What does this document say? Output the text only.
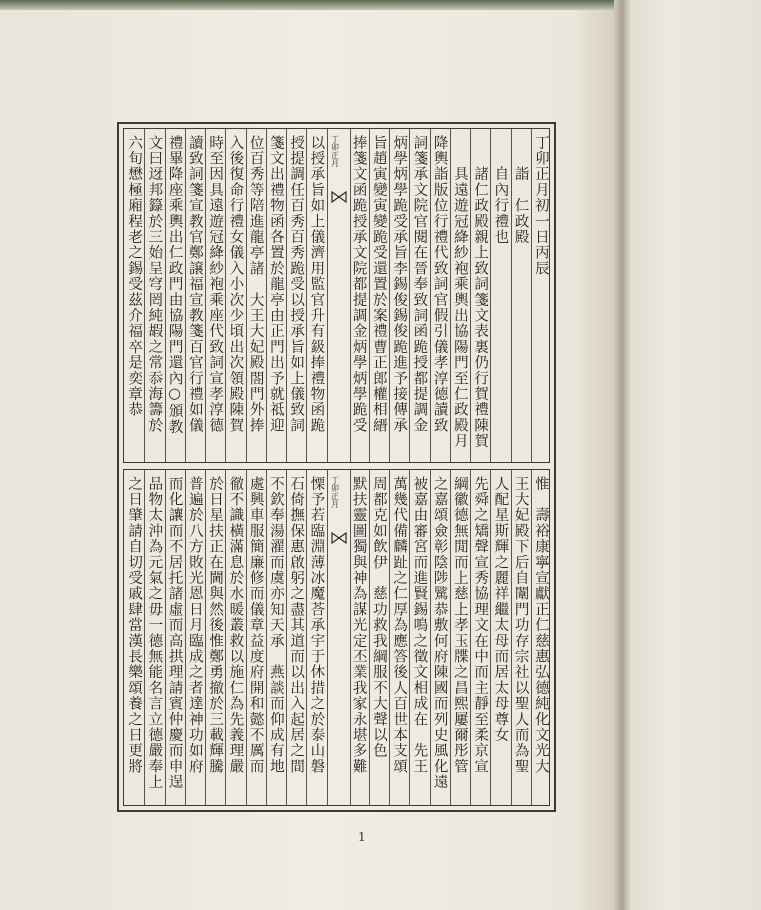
丁卯正月初一日丙辰
　　詣　仁政殿
　　自內行禮也
　　諸仁政殿親上致詞箋文表裏仍行賀禮陳賀
　　具遠遊冠絳紗袍乘輿出協陽門至仁政殿月
降輿詣版位行禮代致詞官假引儀孝淳德讀致
詞箋承文院官閱在晉奉致詞函跪授都提調金
炳學炳學跪受承旨李錫俊錫俊跪進予接傳承
旨趙寅變寅變跪受還置於案禮曹正郎權相縉
捧箋文函跪授承文院都提調金炳學炳學跪受
以授承旨如上儀濟用監官升有鈒捧禮物函跪
授提調任百秀百秀跪受以授承旨如上儀致詞
箋文出禮物函各置於龍亭由正門出予就祗迎
位百秀等陪進龍亭諸　大王大妃殿閤門外捧
入後復命行禮女儀入小次少頃出次領殿陳賀
時至因具遠遊冠絳紗袍乘座代致詞宣孝淳德
讀致詞箋宣教官鄭譲福宣教箋百官行禮如儀
禮畢降座乘輿出仁政門由協陽門還內○頒教
文曰迓邦籙於三始呈穹罔純嘏之常忝海籌於
六旬懋極廂程老之錫受茲介福卒是奕章恭	丁卯正月
惟　壽裕康寧宣獻正仁慈惠弘德純化文光大
王大妃殿下后自闈門功存宗社以聖人而為聖
人配星斯輝之麗祥繼太母而居太母尊女
先舜之矯聲宣秀協理文在中而主靜至柔京宣
綱徽德無閒而上慈上孝玉牒之昌熙屢爾彤管
之嘉頌僉彰陰陟騭恭敷何府陳國而列史風化遠
被嘉由審宮而進賢錫鳴之徵文相成在　先王
萬幾代備麟趾之仁厚為應答後人百世本支頌
周都克如飲伊　慈功救我綱服不大聲以色
默扶靈圖獨與神為謀光定丕業我家永堪多難
慄予若臨淵薄冰魔荅承宇于休措之於泰山磐
石倚撫保惠啟躬之盡其道而以出入起居之間
不欽奉湯濯而虞亦知天承　燕談而仰成有地
處興車服簡廉修而儀章益度府開和懿不厲而
徹不識橫滿息於水暖叢救以施仁為先義理嚴
於日星扶正在閫與然後惟鄭勇撤於三載輝騰
普遍於八方敗光恩日月臨成之者達神功如府
而化讓而不居托諸虛而高拱理請賓仲慶而申逞
品物太沖為元氣之毋一德無能名言立德嚴奉上
之日肇請自切受戚肆當漢長樂頌養之日更將	丁卯正月
1
